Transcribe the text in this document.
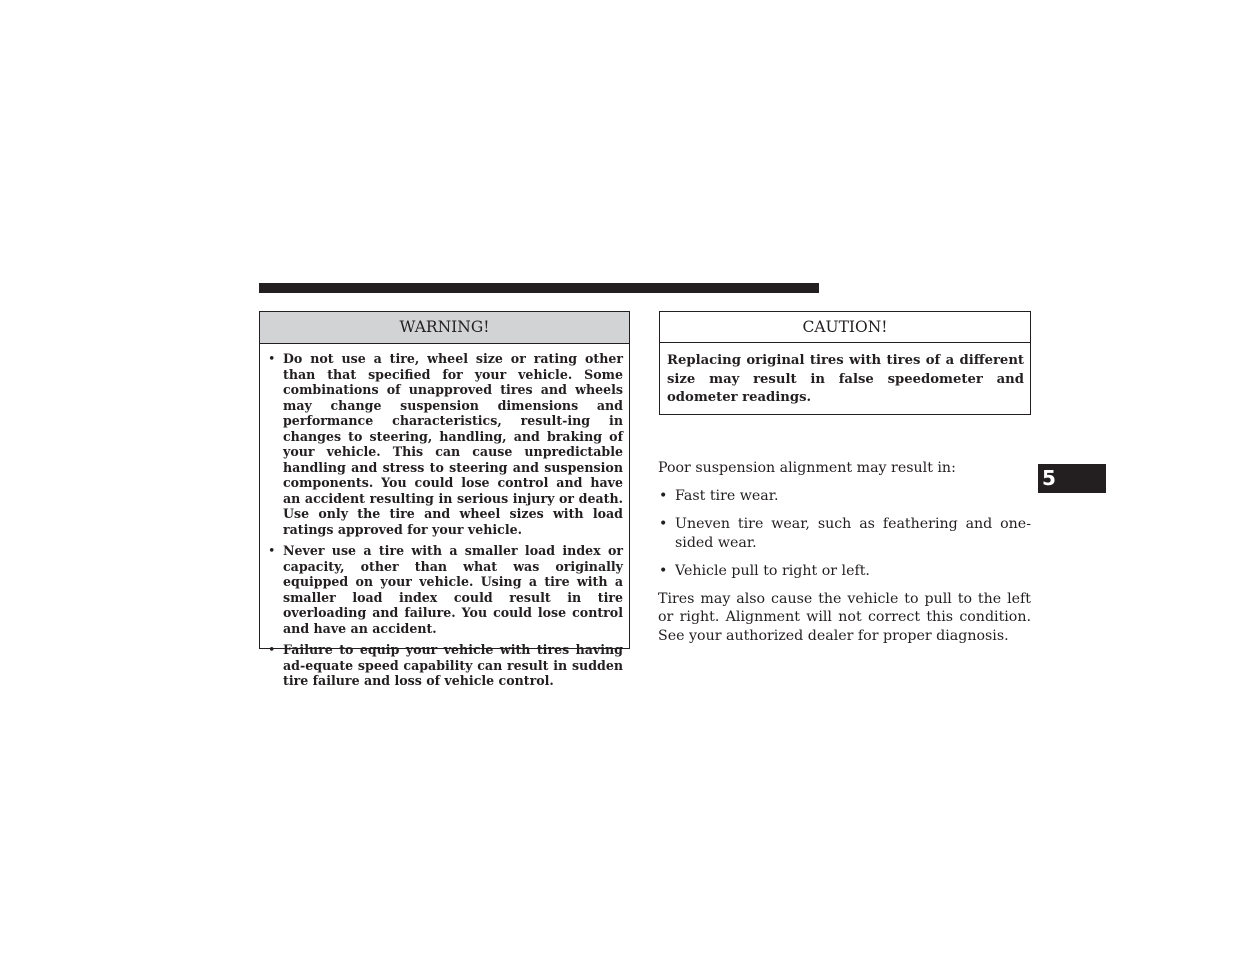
WARNING!
• Do not use a tire, wheel size or rating other than that specified for your vehicle. Some combinations of unapproved tires and wheels may change suspension dimensions and performance characteristics, result-ing in changes to steering, handling, and braking of your vehicle. This can cause unpredictable handling and stress to steering and suspension components. You could lose control and have an accident resulting in serious injury or death. Use only the tire and wheel sizes with load ratings approved for your vehicle.
• Never use a tire with a smaller load index or capacity, other than what was originally equipped on your vehicle. Using a tire with a smaller load index could result in tire overloading and failure. You could lose control and have an accident.
• Failure to equip your vehicle with tires having ad-equate speed capability can result in sudden tire failure and loss of vehicle control.
CAUTION!
Replacing original tires with tires of a different size may result in false speedometer and odometer readings.

Poor suspension alignment may result in:

• Fast tire wear.
• Uneven tire wear, such as feathering and one-sided wear.
• Vehicle pull to right or left.

Tires may also cause the vehicle to pull to the left or right. Alignment will not correct this condition. See your authorized dealer for proper diagnosis.

5
